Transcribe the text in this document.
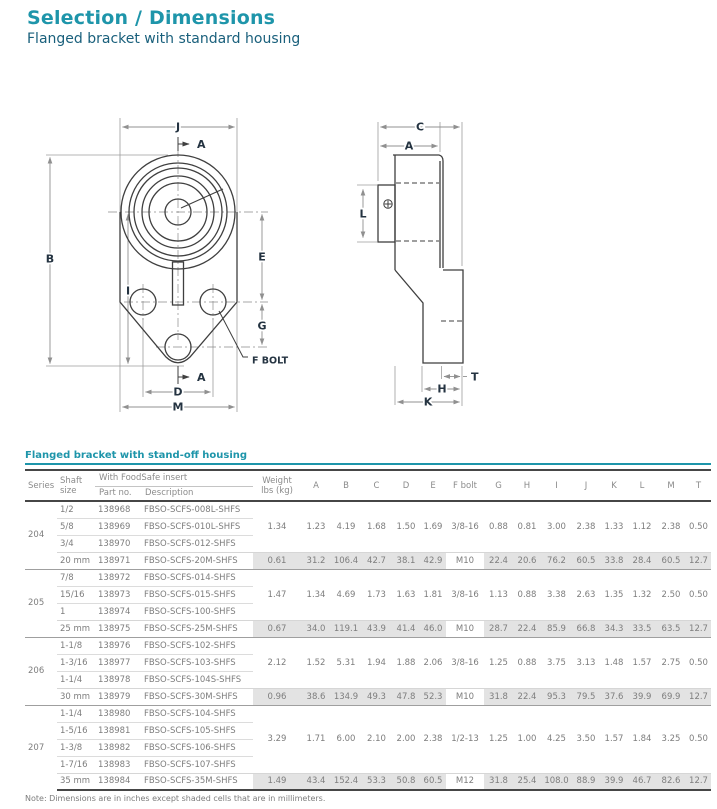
Selection / Dimensions
Flanged bracket with standard housing
J
A
B
I
E
G
A
D
M
F BOLT
C
A
L
T
H
K
Flanged bracket with stand-off housing
Series	Shaft size	With FoodSafe insert		Weight lbs (kg)	A	B	C	D	E	F bolt	G	H	I	J	K	L	M	T
		Part no.	Description															
204	1/2	138968	FBSO-SCFS-008L-SHFS	1.34	1.23	4.19	1.68	1.50	1.69	3/8-16	0.88	0.81	3.00	2.38	1.33	1.12	2.38	0.50
	5/8	138969	FBSO-SCFS-010L-SHFS															
	3/4	138970	FBSO-SCFS-012-SHFS															
	20 mm	138971	FBSO-SCFS-20M-SHFS	0.61	31.2	106.4	42.7	38.1	42.9	M10	22.4	20.6	76.2	60.5	33.8	28.4	60.5	12.7
205	7/8	138972	FBSO-SCFS-014-SHFS	1.47	1.34	4.69	1.73	1.63	1.81	3/8-16	1.13	0.88	3.38	2.63	1.35	1.32	2.50	0.50
	15/16	138973	FBSO-SCFS-015-SHFS															
	1	138974	FBSO-SCFS-100-SHFS															
	25 mm	138975	FBSO-SCFS-25M-SHFS	0.67	34.0	119.1	43.9	41.4	46.0	M10	28.7	22.4	85.9	66.8	34.3	33.5	63.5	12.7
206	1-1/8	138976	FBSO-SCFS-102-SHFS	2.12	1.52	5.31	1.94	1.88	2.06	3/8-16	1.25	0.88	3.75	3.13	1.48	1.57	2.75	0.50
	1-3/16	138977	FBSO-SCFS-103-SHFS															
	1-1/4	138978	FBSO-SCFS-104S-SHFS															
	30 mm	138979	FBSO-SCFS-30M-SHFS	0.96	38.6	134.9	49.3	47.8	52.3	M10	31.8	22.4	95.3	79.5	37.6	39.9	69.9	12.7
207	1-1/4	138980	FBSO-SCFS-104-SHFS	3.29	1.71	6.00	2.10	2.00	2.38	1/2-13	1.25	1.00	4.25	3.50	1.57	1.84	3.25	0.50
	1-5/16	138981	FBSO-SCFS-105-SHFS															
	1-3/8	138982	FBSO-SCFS-106-SHFS															
	1-7/16	138983	FBSO-SCFS-107-SHFS															
	35 mm	138984	FBSO-SCFS-35M-SHFS	1.49	43.4	152.4	53.3	50.8	60.5	M12	31.8	25.4	108.0	88.9	39.9	46.7	82.6	12.7
Note: Dimensions are in inches except shaded cells that are in millimeters.
